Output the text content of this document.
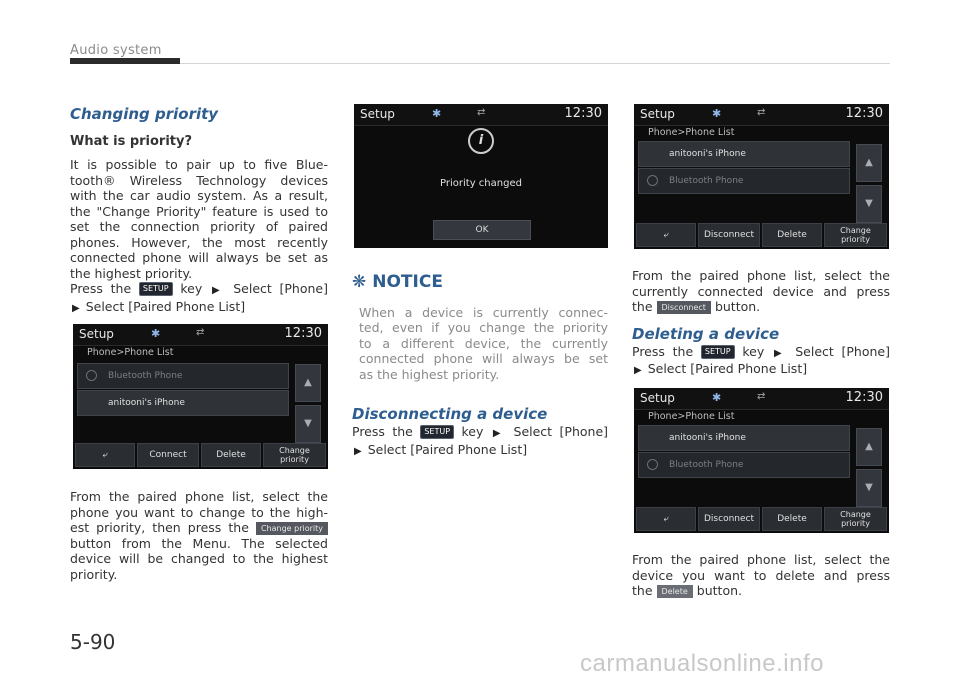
Audio system

Changing priority

What is priority?

It is possible to pair up to five Blue-

tooth® Wireless Technology devices

with the car audio system. As a result,

the "Change Priority" feature is used to

set the connection priority of paired

phones. However, the most recently

connected phone will always be set as

the highest priority.

Press the SETUP key ▶ Select [Phone]

▶ Select [Paired Phone List]

Setup	✱	⇄	12:30
Phone>Phone List
Bluetooth Phone
anitooni's iPhone
▲
▼
⤶	Connect	Delete	Change
priority

From the paired phone list, select the

phone you want to change to the high-

est priority, then press the Change priority

button from the Menu. The selected

device will be changed to the highest

priority.

Setup	✱	⇄	12:30
i
Priority changed
OK
❋ NOTICE

When a device is currently connec-

ted, even if you change the priority

to a different device, the currently

connected phone will always be set

as the highest priority.

Disconnecting a device

Press the SETUP key ▶ Select [Phone]

▶ Select [Paired Phone List]

Setup	✱	⇄	12:30
Phone>Phone List
anitooni's iPhone
Bluetooth Phone
▲
▼
⤶	Disconnect	Delete	Change
priority

From the paired phone list, select the

currently connected device and press

the Disconnect button.

Deleting a device

Press the SETUP key ▶ Select [Phone]

▶ Select [Paired Phone List]

Setup	✱	⇄	12:30
Phone>Phone List
anitooni's iPhone
Bluetooth Phone
▲
▼
⤶	Disconnect	Delete	Change
priority

From the paired phone list, select the

device you want to delete and press

the Delete button.

5-90
carmanualsonline.info
